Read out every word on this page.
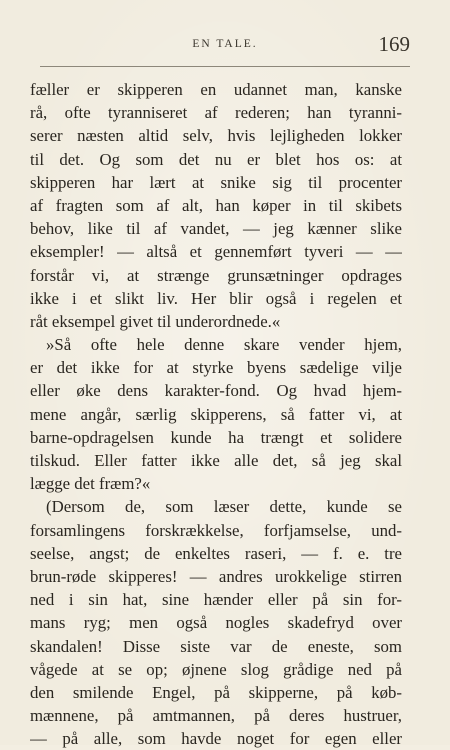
EN TALE.	169
fæller er skipperen en udannet man, kanske
rå, ofte tyranniseret af rederen; han tyranni-
serer næsten altid selv, hvis lejligheden lokker
til det. Og som det nu er blet hos os: at
skipperen har lært at snike sig til procenter
af fragten som af alt, han køper in til skibets
behov, like til af vandet, — jeg kænner slike
eksempler! — altså et gennemført tyveri — —
forstår vi, at strænge grunsætninger opdrages
ikke i et slikt liv. Her blir også i regelen et
råt eksempel givet til underordnede.«
»Så ofte hele denne skare vender hjem,
er det ikke for at styrke byens sædelige vilje
eller øke dens karakter-fond. Og hvad hjem-
mene angår, særlig skipperens, så fatter vi, at
barne-opdragelsen kunde ha trængt et solidere
tilskud. Eller fatter ikke alle det, så jeg skal
lægge det fræm?«
(Dersom de, som læser dette, kunde se
forsamlingens forskrækkelse, forfjamselse, und-
seelse, angst; de enkeltes raseri, — f. e. tre
brun-røde skipperes! — andres urokkelige stirren
ned i sin hat, sine hænder eller på sin for-
mans ryg; men også nogles skadefryd over
skandalen! Disse siste var de eneste, som
vågede at se op; øjnene slog grådige ned på
den smilende Engel, på skipperne, på køb-
mænnene, på amtmannen, på deres hustruer,
— på alle, som havde noget for egen eller
